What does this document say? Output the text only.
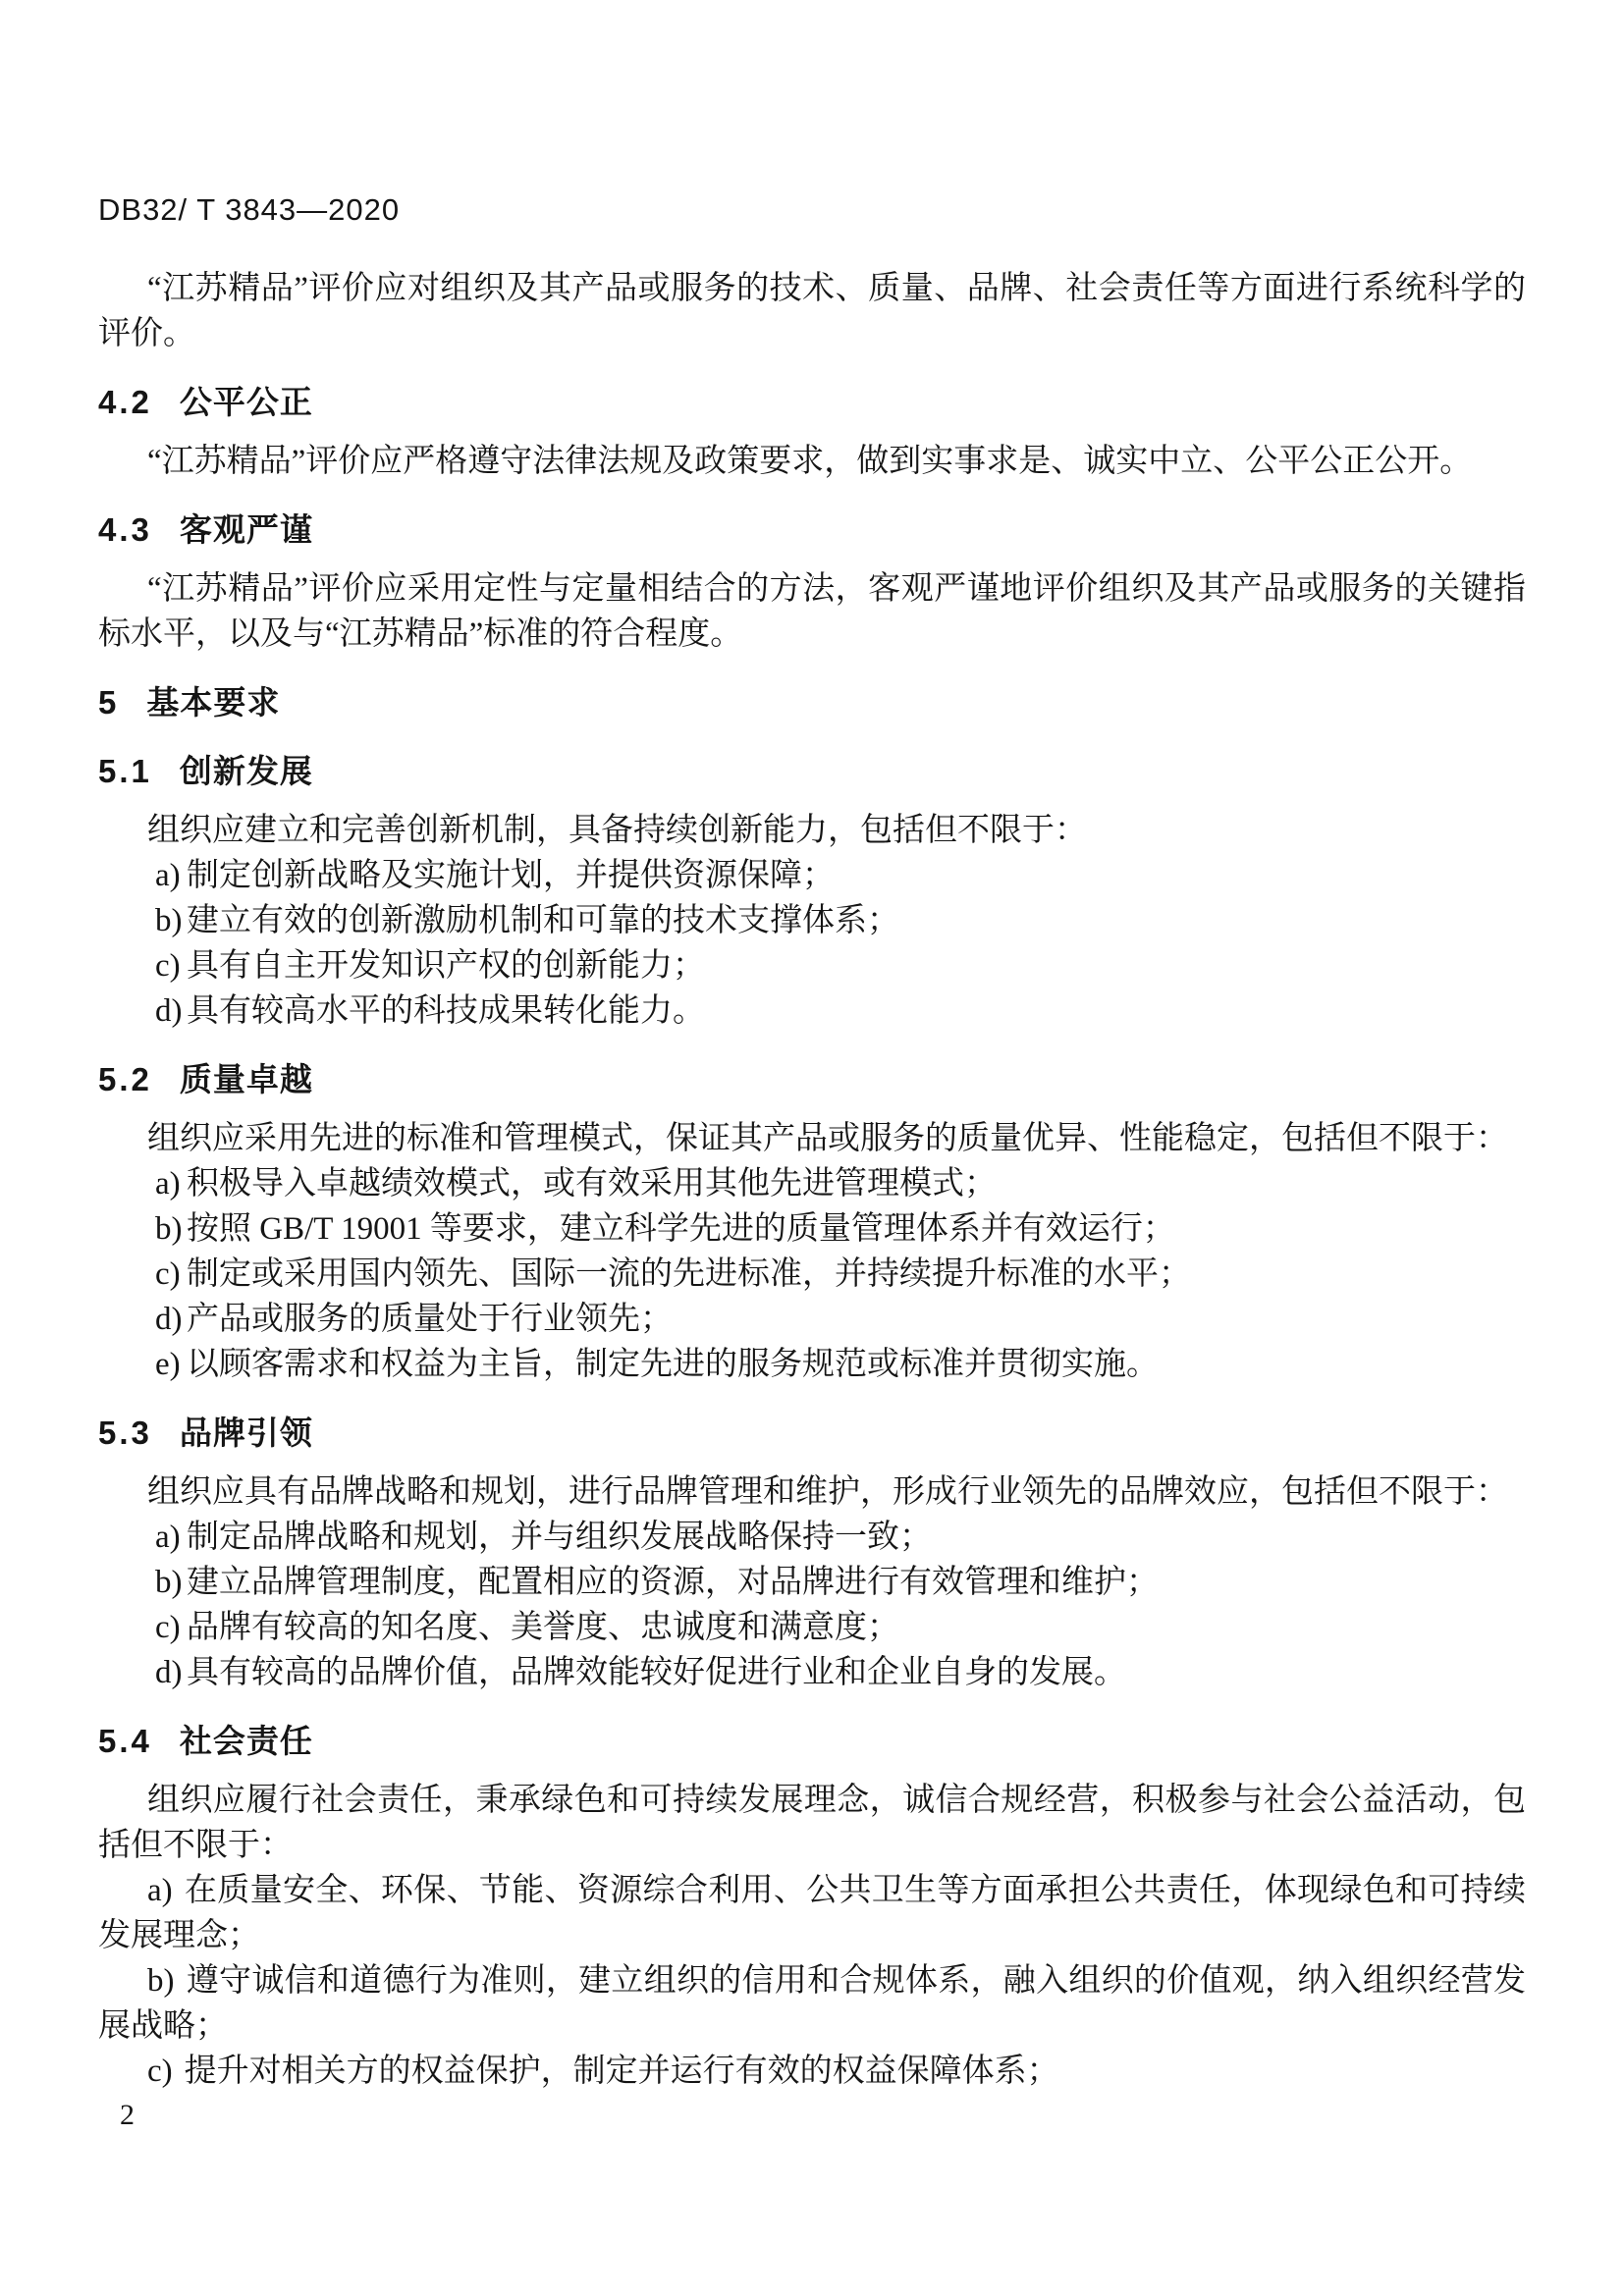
DB32/ T 3843—2020

“江苏精品”评价应对组织及其产品或服务的技术、质量、品牌、社会责任等方面进行系统科学的评价。

4.2 公平公正

“江苏精品”评价应严格遵守法律法规及政策要求，做到实事求是、诚实中立、公平公正公开。

4.3 客观严谨

“江苏精品”评价应采用定性与定量相结合的方法，客观严谨地评价组织及其产品或服务的关键指标水平，以及与“江苏精品”标准的符合程度。

5 基本要求
5.1 创新发展

组织应建立和完善创新机制，具备持续创新能力，包括但不限于：

a) 制定创新战略及实施计划，并提供资源保障；
b) 建立有效的创新激励机制和可靠的技术支撑体系；
c) 具有自主开发知识产权的创新能力；
d) 具有较高水平的科技成果转化能力。
5.2 质量卓越

组织应采用先进的标准和管理模式，保证其产品或服务的质量优异、性能稳定，包括但不限于：

a) 积极导入卓越绩效模式，或有效采用其他先进管理模式；
b) 按照 GB/T 19001 等要求，建立科学先进的质量管理体系并有效运行；
c) 制定或采用国内领先、国际一流的先进标准，并持续提升标准的水平；
d) 产品或服务的质量处于行业领先；
e) 以顾客需求和权益为主旨，制定先进的服务规范或标准并贯彻实施。
5.3 品牌引领

组织应具有品牌战略和规划，进行品牌管理和维护，形成行业领先的品牌效应，包括但不限于：

a) 制定品牌战略和规划，并与组织发展战略保持一致；
b) 建立品牌管理制度，配置相应的资源，对品牌进行有效管理和维护；
c) 品牌有较高的知名度、美誉度、忠诚度和满意度；
d) 具有较高的品牌价值，品牌效能较好促进行业和企业自身的发展。
5.4 社会责任

组织应履行社会责任，秉承绿色和可持续发展理念，诚信合规经营，积极参与社会公益活动，包括但不限于：

a) 在质量安全、环保、节能、资源综合利用、公共卫生等方面承担公共责任，体现绿色和可持续发展理念；

b) 遵守诚信和道德行为准则，建立组织的信用和合规体系，融入组织的价值观，纳入组织经营发展战略；

c) 提升对相关方的权益保护，制定并运行有效的权益保障体系；

2
